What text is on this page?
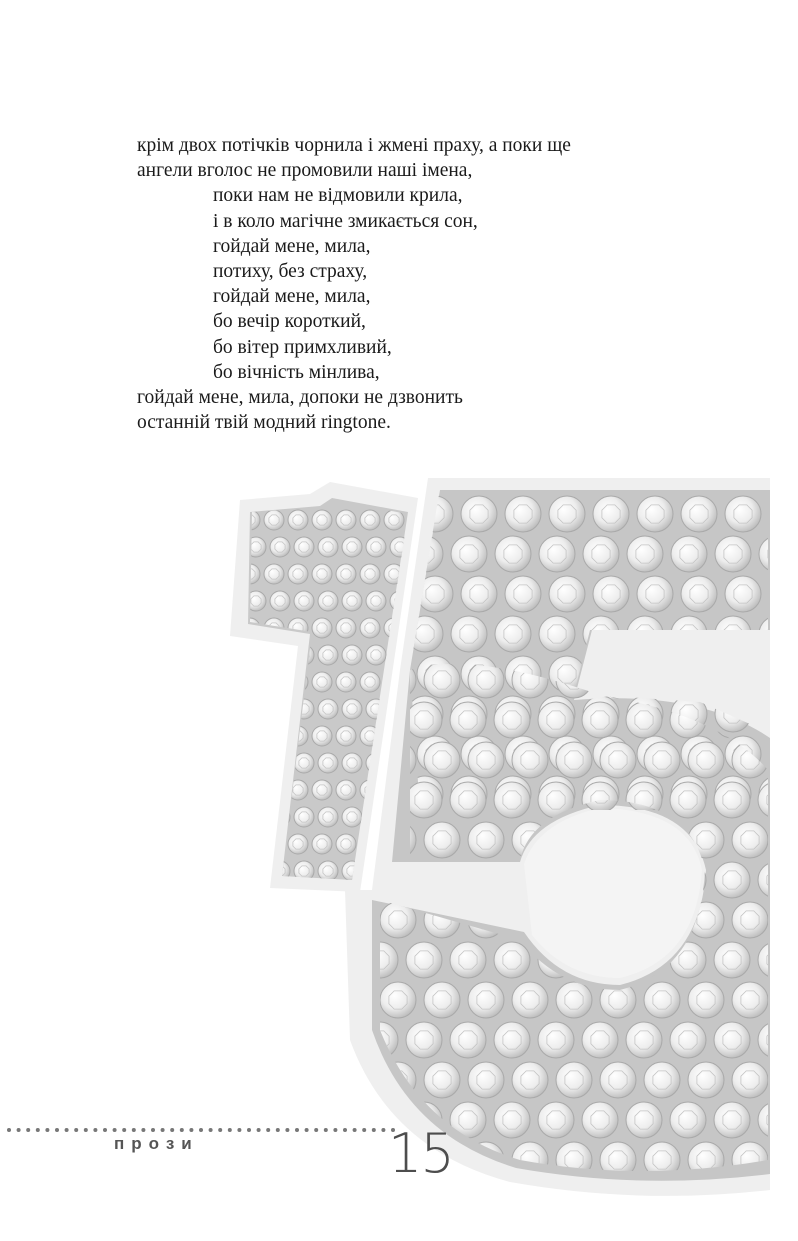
крім двох потічків чорнила і жмені праху, а поки ще
ангели вголос не промовили наші імена,
поки нам не відмовили крила,
і в коло магічне змикається сон,
гойдай мене, мила,
потиху, без страху,
гойдай мене, мила,
бо вечір короткий,
бо вітер примхливий,
бо вічність мінлива,
гойдай мене, мила, допоки не дзвонить
останній твій модний ringtone.
прози	15
